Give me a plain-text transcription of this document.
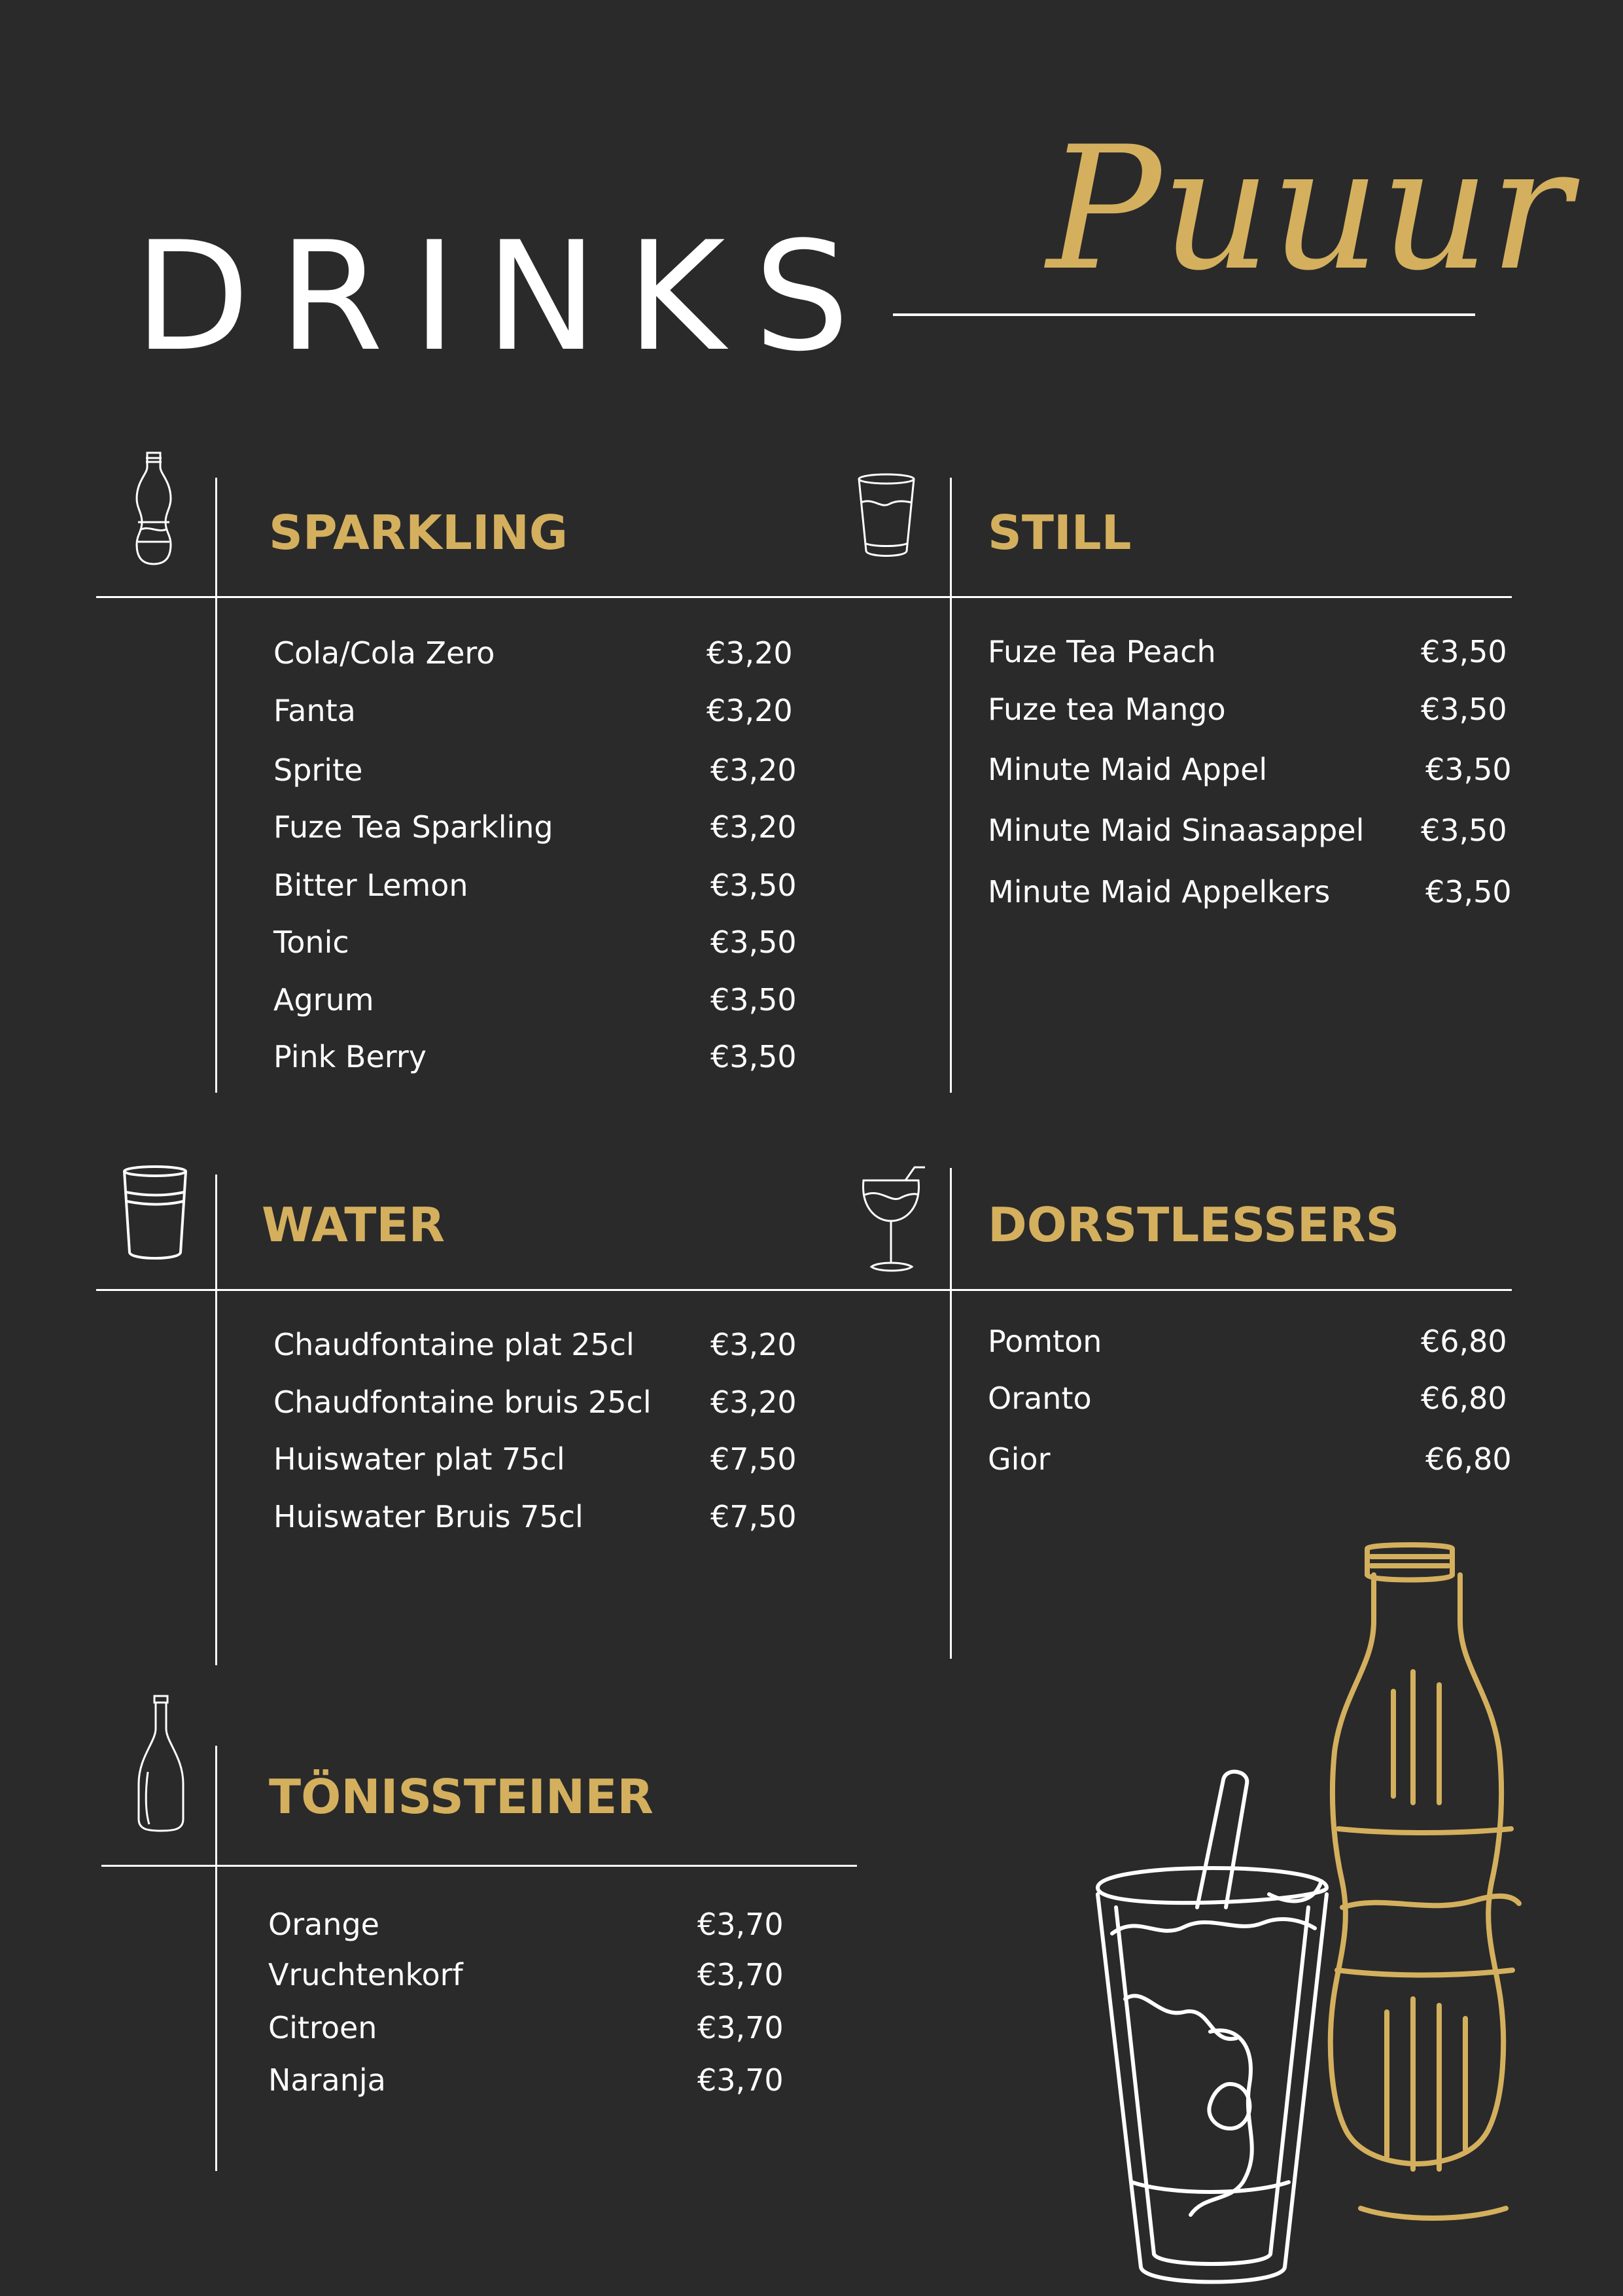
DRINKS Puuur
SPARKLING
Cola/Cola Zero	€3,20
Fanta	€3,20
Sprite	€3,20
Fuze Tea Sparkling	€3,20
Bitter Lemon	€3,50
Tonic	€3,50
Agrum	€3,50
Pink Berry	€3,50
STILL
Fuze Tea Peach	€3,50
Fuze tea Mango	€3,50
Minute Maid Appel	€3,50
Minute Maid Sinaasappel €3,50
Minute Maid Appelkers	€3,50
WATER
Chaudfontaine plat 25cl	€3,20
Chaudfontaine bruis 25cl €3,20
Huiswater plat 75cl	€7,50
Huiswater Bruis 75cl	€7,50
DORSTLESSERS
Pomton	€6,80
Oranto	€6,80
Gior	€6,80
TÖNISSTEINER
Orange	€3,70
Vruchtenkorf	€3,70
Citroen	€3,70
Naranja	€3,70
